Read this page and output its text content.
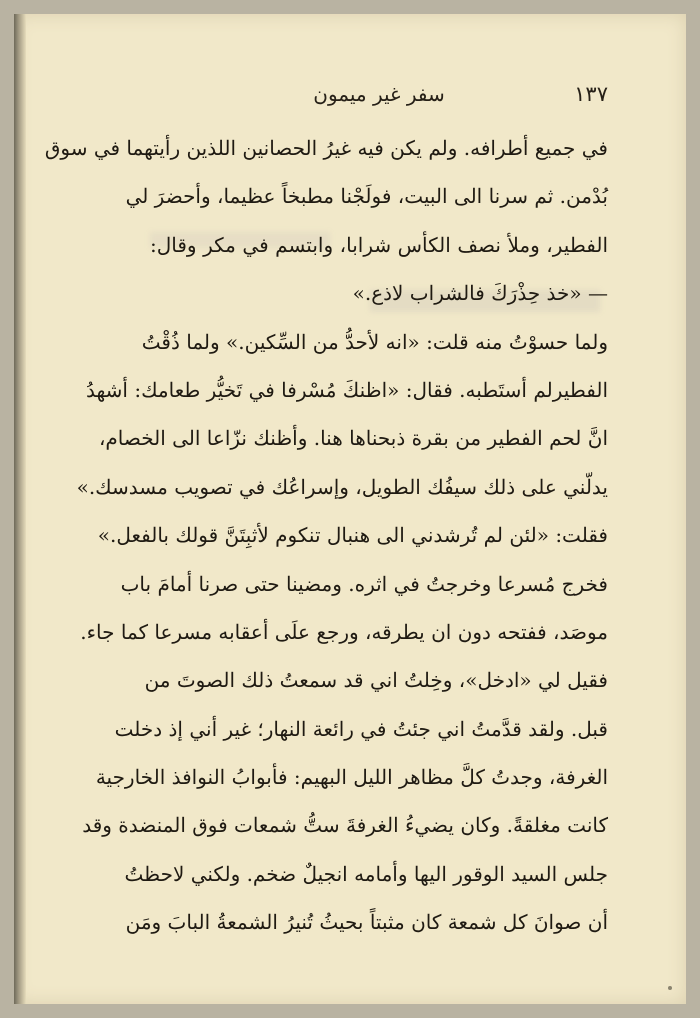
١٣٧
سفر غير ميمون
في جميع أطرافه. ولم يكن فيه غيرُ الحصانين اللذين رأيتهما في سوق
بُدْمن. ثم سرنا الى البيت، فولَجْنا مطبخاً عظيما، وأحضرَ لي
الفطير، وملأ نصف الكأس شرابا، وابتسم في مكر وقال:
— «خذ حِذْرَكَ فالشراب لاذع.»
ولما حسوْتُ منه قلت: «انه لأحدُّ من السِّكين.» ولما ذُقْتُ
الفطيرلم أستَطبه. فقال: «اظنكَ مُسْرفا في تَخيُّر طعامك: أشهدُ
انَّ لحم الفطير من بقرة ذبحناها هنا. وأظنك نزّاعا الى الخصام،
يدلّني على ذلك سيفُك الطويل، وإسراعُك في تصويب مسدسك.»
فقلت: «لئن لم تُرشدني الى هنبال تنكوم لأثبِتَنَّ قولك بالفعل.»
فخرج مُسرعا وخرجتُ في اثره. ومضينا حتى صرنا أمامَ باب
موصَد، ففتحه دون ان يطرقه، ورجع علَى أعقابه مسرعا كما جاء.
فقيل لي «ادخل»، وخِلتُ اني قد سمعتُ ذلك الصوتَ من
قبل. ولقد قدَّمتُ اني جئتُ في رائعة النهار؛ غير أني إذ دخلت
الغرفة، وجدتُ كلَّ مظاهر الليل البهيم: فأبوابُ النوافذ الخارجية
كانت مغلقةً. وكان يضيءُ الغرفةَ ستُّ شمعات فوق المنضدة وقد
جلس السيد الوقور اليها وأمامه انجيلٌ ضخم. ولكني لاحظتُ
أن صوانَ كل شمعة كان مثبتاً بحيثُ تُنيرُ الشمعةُ البابَ ومَن
